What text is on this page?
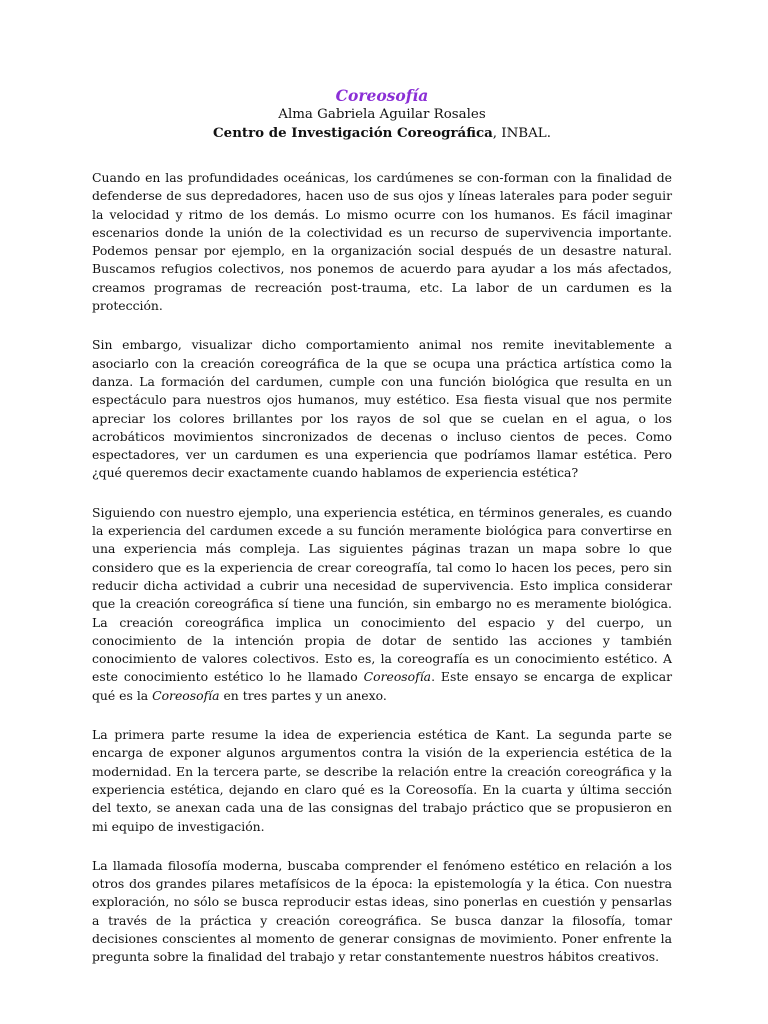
Coreosofía
Alma Gabriela Aguilar Rosales
Centro de Investigación Coreográfica, INBAL.

Cuando en las profundidades oceánicas, los cardúmenes se con-forman con la finalidad de defenderse de sus depredadores, hacen uso de sus ojos y líneas laterales para poder seguir la velocidad y ritmo de los demás. Lo mismo ocurre con los humanos. Es fácil imaginar escenarios donde la unión de la colectividad es un recurso de supervivencia importante. Podemos pensar por ejemplo, en la organización social después de un desastre natural. Buscamos refugios colectivos, nos ponemos de acuerdo para ayudar a los más afectados, creamos programas de recreación post-trauma, etc. La labor de un cardumen es la protección.

Sin embargo, visualizar dicho comportamiento animal nos remite inevitablemente a asociarlo con la creación coreográfica de la que se ocupa una práctica artística como la danza. La formación del cardumen, cumple con una función biológica que resulta en un espectáculo para nuestros ojos humanos, muy estético. Esa fiesta visual que nos permite apreciar los colores brillantes por los rayos de sol que se cuelan en el agua, o los acrobáticos movimientos sincronizados de decenas o incluso cientos de peces. Como espectadores, ver un cardumen es una experiencia que podríamos llamar estética. Pero ¿qué queremos decir exactamente cuando hablamos de experiencia estética?

Siguiendo con nuestro ejemplo, una experiencia estética, en términos generales, es cuando la experiencia del cardumen excede a su función meramente biológica para convertirse en una experiencia más compleja. Las siguientes páginas trazan un mapa sobre lo que considero que es la experiencia de crear coreografía, tal como lo hacen los peces, pero sin reducir dicha actividad a cubrir una necesidad de supervivencia. Esto implica considerar que la creación coreográfica sí tiene una función, sin embargo no es meramente biológica. La creación coreográfica implica un conocimiento del espacio y del cuerpo, un conocimiento de la intención propia de dotar de sentido las acciones y también conocimiento de valores colectivos. Esto es, la coreografía es un conocimiento estético. A este conocimiento estético lo he llamado Coreosofía. Este ensayo se encarga de explicar qué es la Coreosofía en tres partes y un anexo.

La primera parte resume la idea de experiencia estética de Kant. La segunda parte se encarga de exponer algunos argumentos contra la visión de la experiencia estética de la modernidad. En la tercera parte, se describe la relación entre la creación coreográfica y la experiencia estética, dejando en claro qué es la Coreosofía. En la cuarta y última sección del texto, se anexan cada una de las consignas del trabajo práctico que se propusieron en mi equipo de investigación.

La llamada filosofía moderna, buscaba comprender el fenómeno estético en relación a los otros dos grandes pilares metafísicos de la época: la epistemología y la ética. Con nuestra exploración, no sólo se busca reproducir estas ideas, sino ponerlas en cuestión y pensarlas a través de la práctica y creación coreográfica. Se busca danzar la filosofía, tomar decisiones conscientes al momento de generar consignas de movimiento. Poner enfrente la pregunta sobre la finalidad del trabajo y retar constantemente nuestros hábitos creativos.
